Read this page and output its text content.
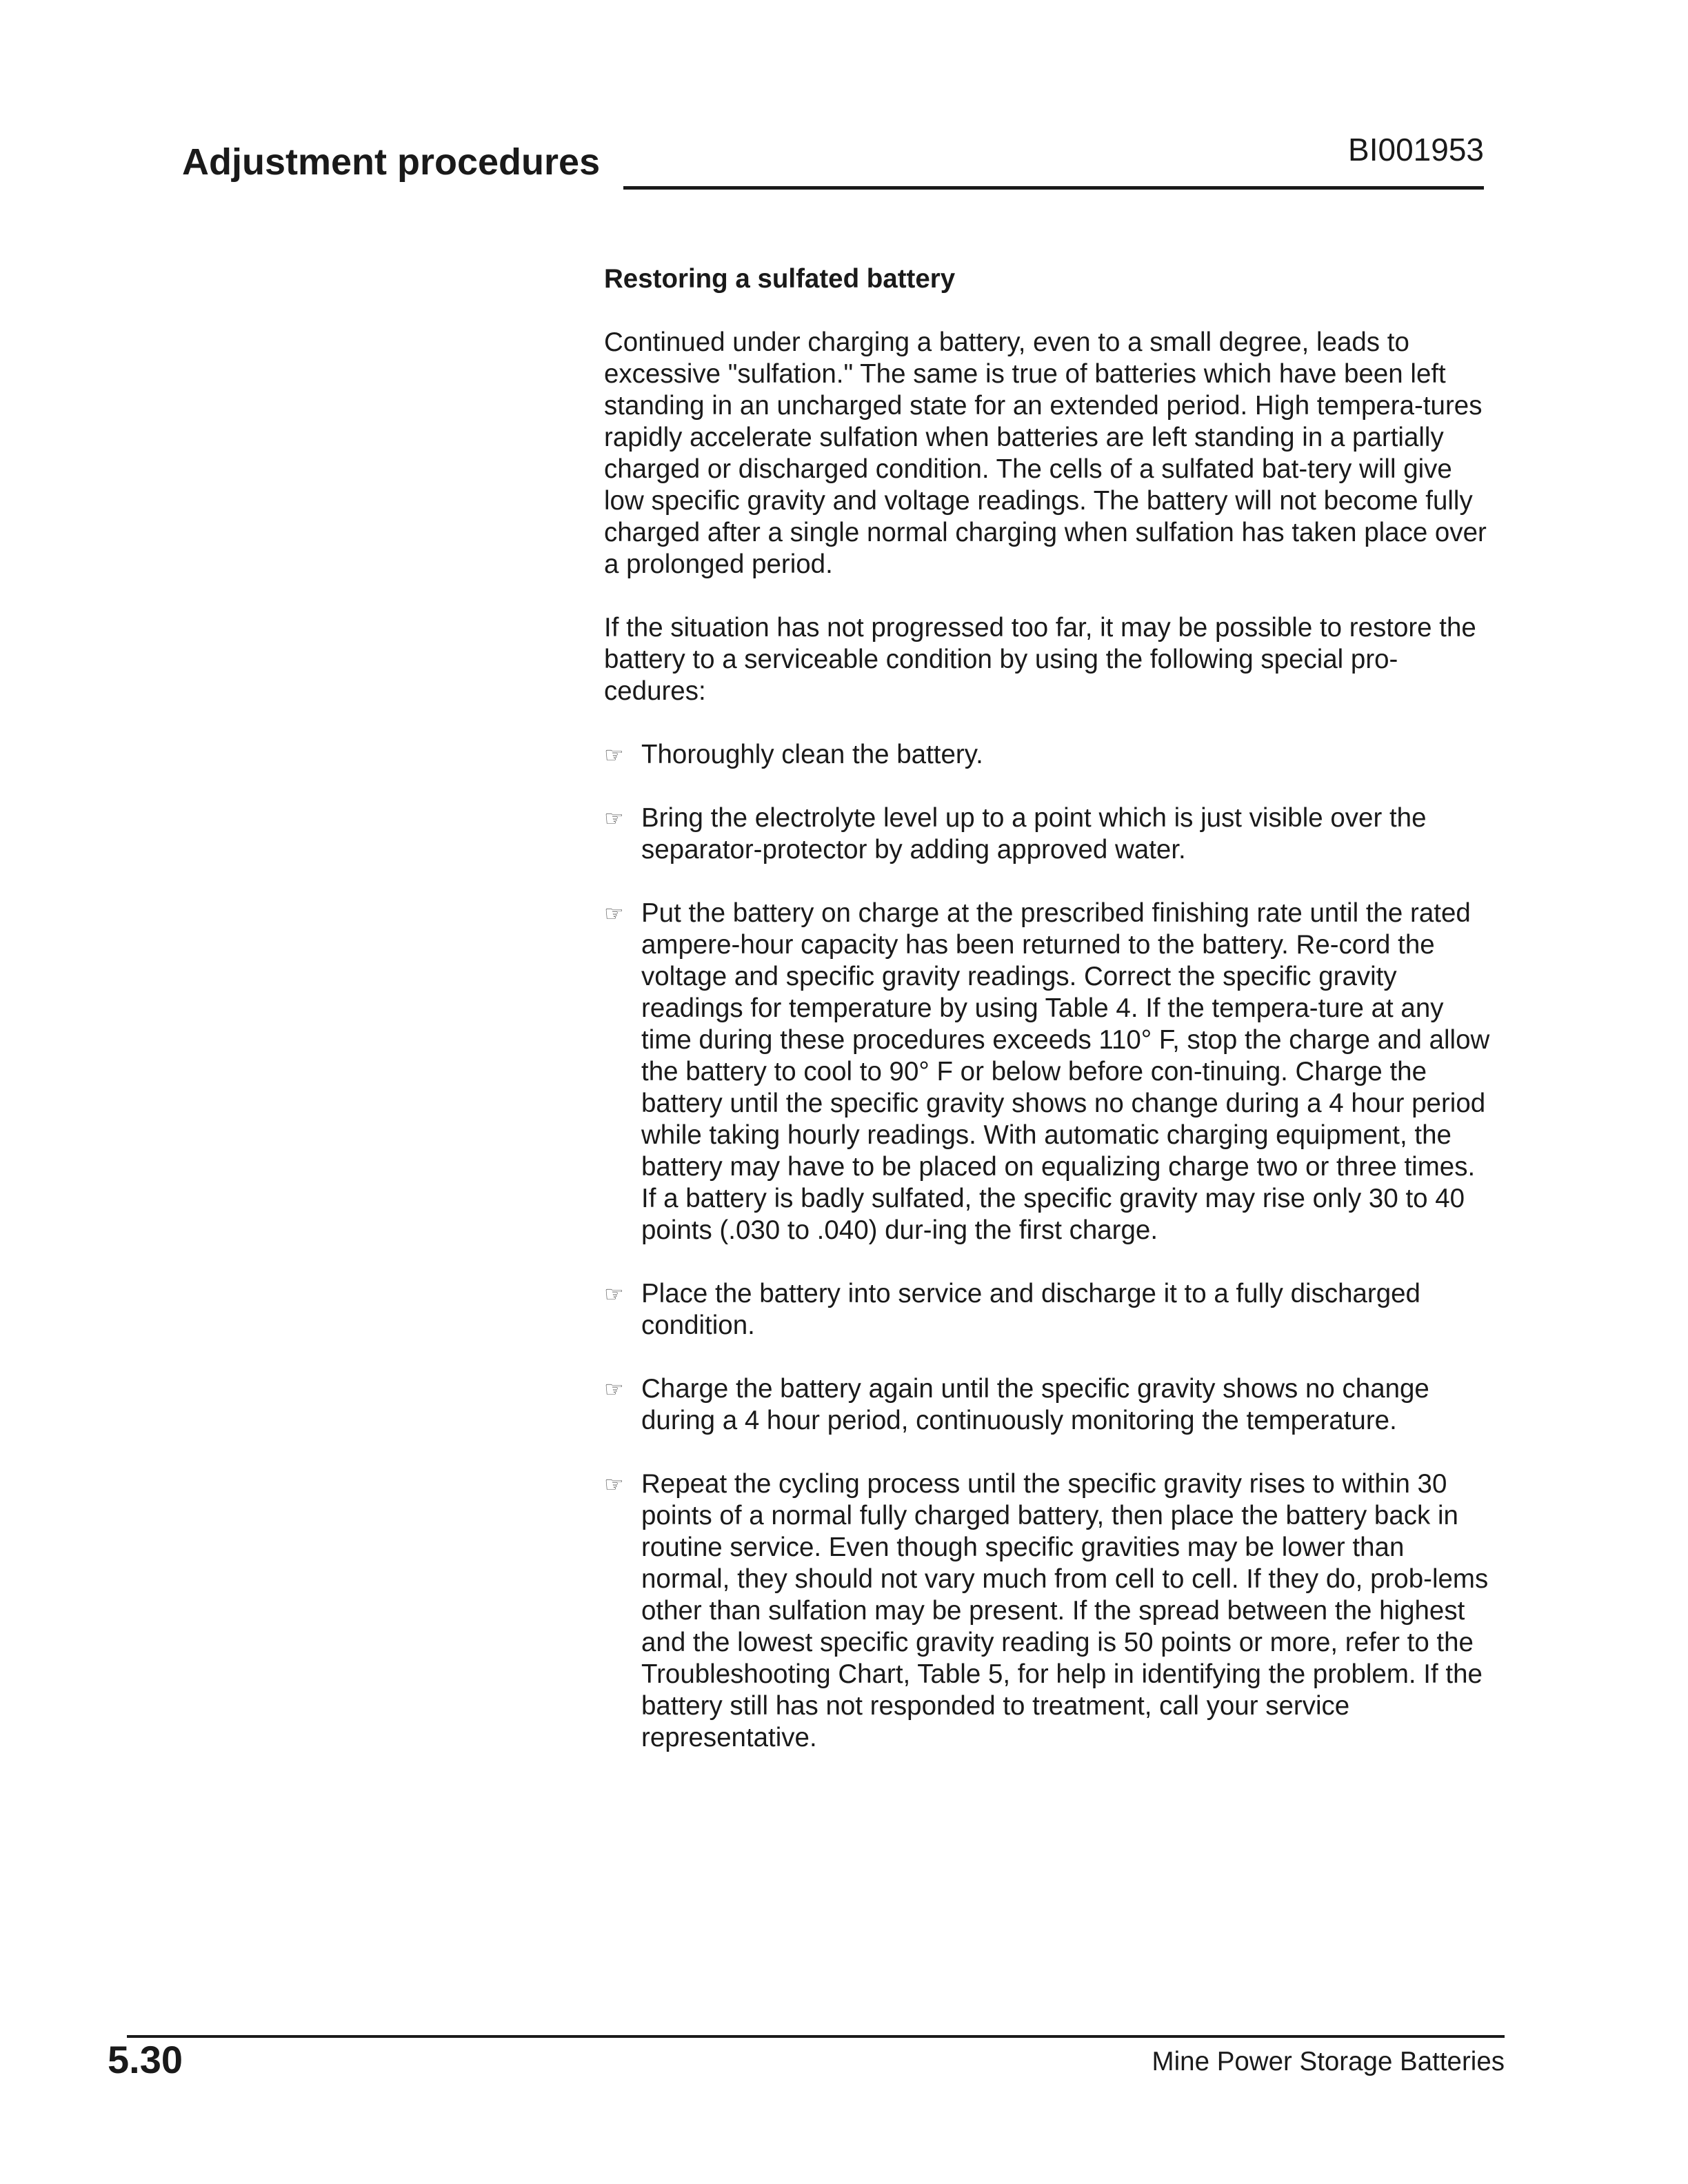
Adjustment procedures	BI001953
Restoring a sulfated battery

Continued under charging a battery, even to a small degree, leads to excessive "sulfation." The same is true of batteries which have been left standing in an uncharged state for an extended period. High tempera-tures rapidly accelerate sulfation when batteries are left standing in a partially charged or discharged condition. The cells of a sulfated bat-tery will give low specific gravity and voltage readings. The battery will not become fully charged after a single normal charging when sulfation has taken place over a prolonged period.

If the situation has not progressed too far, it may be possible to restore the battery to a serviceable condition by using the following special pro-cedures:

☞ Thoroughly clean the battery.
☞ Bring the electrolyte level up to a point which is just visible over the separator-protector by adding approved water.
☞ Put the battery on charge at the prescribed finishing rate until the rated ampere-hour capacity has been returned to the battery. Re-cord the voltage and specific gravity readings. Correct the specific gravity readings for temperature by using Table 4. If the tempera-ture at any time during these procedures exceeds 110° F, stop the charge and allow the battery to cool to 90° F or below before con-tinuing. Charge the battery until the specific gravity shows no change during a 4 hour period while taking hourly readings. With automatic charging equipment, the battery may have to be placed on equalizing charge two or three times. If a battery is badly sulfated, the specific gravity may rise only 30 to 40 points (.030 to .040) dur-ing the first charge.
☞ Place the battery into service and discharge it to a fully discharged condition.
☞ Charge the battery again until the specific gravity shows no change during a 4 hour period, continuously monitoring the temperature.
☞ Repeat the cycling process until the specific gravity rises to within 30 points of a normal fully charged battery, then place the battery back in routine service. Even though specific gravities may be lower than normal, they should not vary much from cell to cell. If they do, prob-lems other than sulfation may be present. If the spread between the highest and the lowest specific gravity reading is 50 points or more, refer to the Troubleshooting Chart, Table 5, for help in identifying the problem. If the battery still has not responded to treatment, call your service representative.
5.30	Mine Power Storage Batteries
